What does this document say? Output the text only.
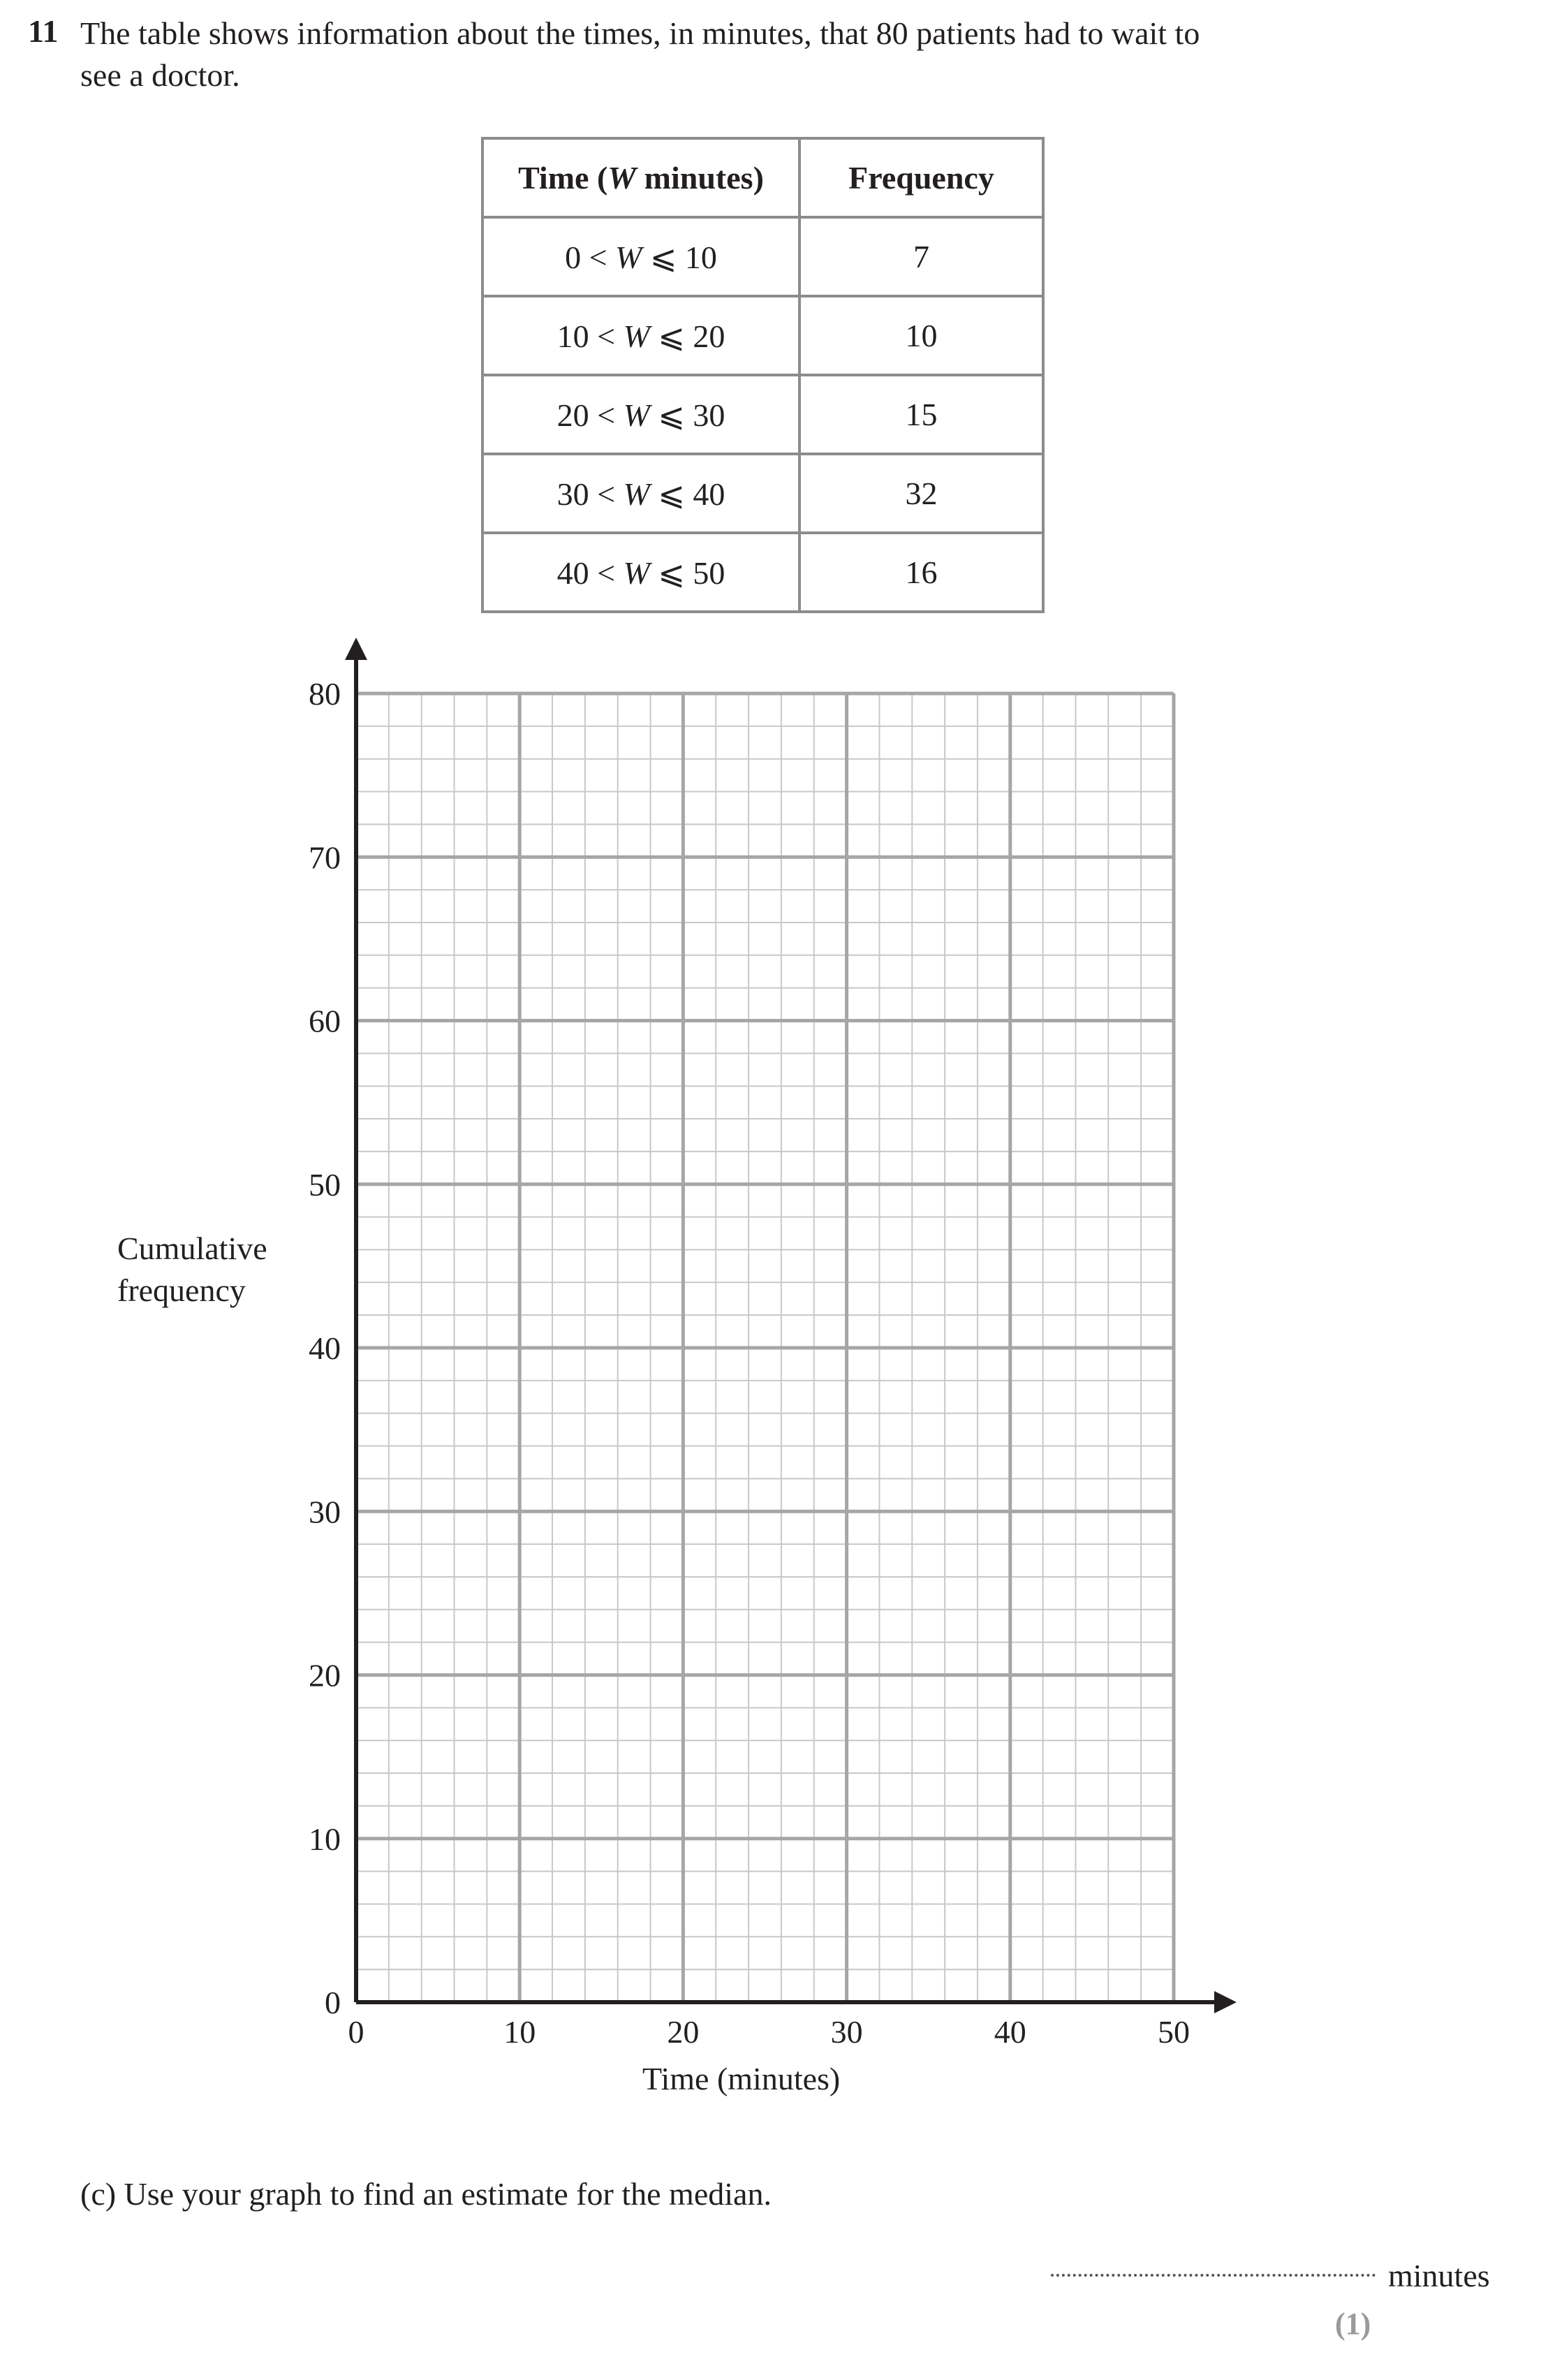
11 The table shows information about the times, in minutes, that 80 patients had to wait to
see a doctor.
Time (W minutes)	Frequency
0 < W ⩽ 10	7
10 < W ⩽ 20	10
20 < W ⩽ 30	15
30 < W ⩽ 40	32
40 < W ⩽ 50	16
0	10	20	30	40	50
0
10
20
30
40
50
60
70
80
Cumulative
frequency
Time (minutes)
(c) Use your graph to find an estimate for the median.
minutes
(1)
